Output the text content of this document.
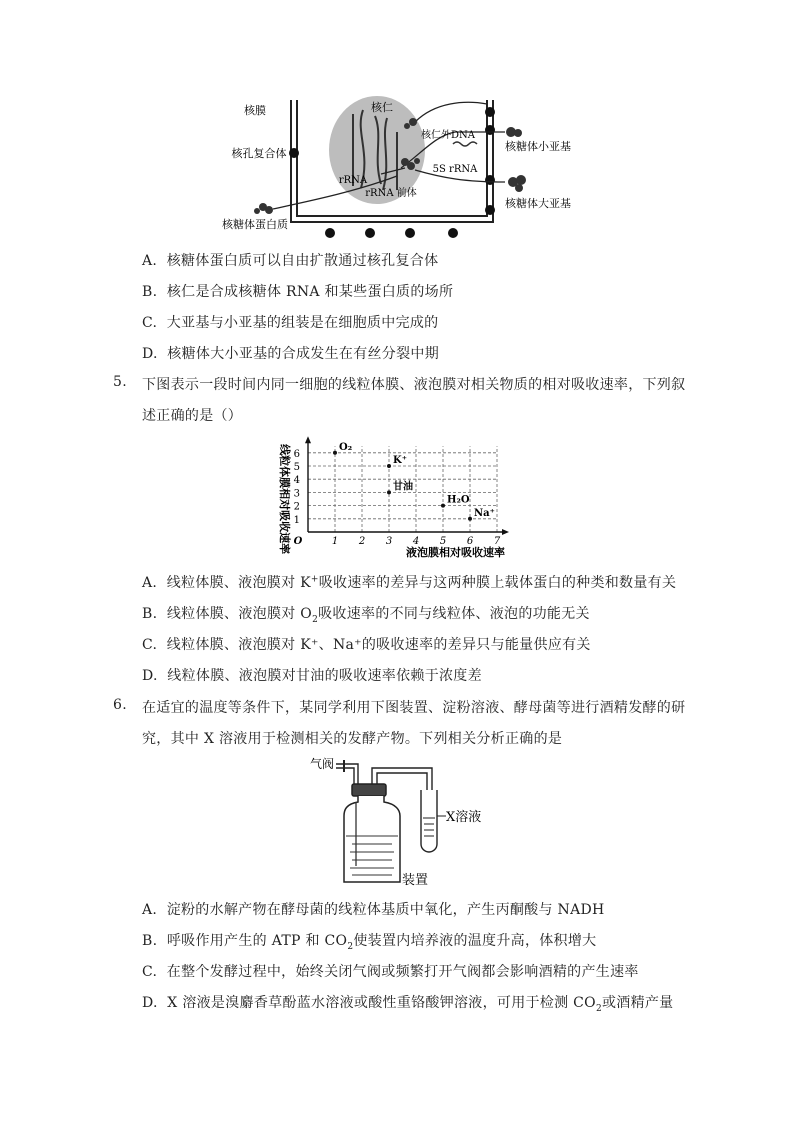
核膜	核仁
核孔复合体
核糖体蛋白质
核仁外DNA
5S rRNA
rRNA
rRNA 前体
核糖体小亚基
核糖体大亚基
A. 核糖体蛋白质可以自由扩散通过核孔复合体
B. 核仁是合成核糖体 RNA 和某些蛋白质的场所
C. 大亚基与小亚基的组装是在细胞质中完成的
D. 核糖体大小亚基的合成发生在有丝分裂中期
5. 下图表示一段时间内同一细胞的线粒体膜、液泡膜对相关物质的相对吸收速率，下列叙
述正确的是（）
1 2 3 4 5 6 7
1
2
3
4
5
6
O
液泡膜相对吸收速率
线粒体膜相对吸收速率	O₂
K⁺
甘油
H₂O
Na⁺
A. 线粒体膜、液泡膜对 K+吸收速率的差异与这两种膜上载体蛋白的种类和数量有关
B. 线粒体膜、液泡膜对 $O_2$吸收速率的不同与线粒体、液泡的功能无关
C. 线粒体膜、液泡膜对 K⁺、Na⁺的吸收速率的差异只与能量供应有关
D. 线粒体膜、液泡膜对甘油的吸收速率依赖于浓度差
6. 在适宜的温度等条件下，某同学利用下图装置、淀粉溶液、酵母菌等进行酒精发酵的研
究，其中 X 溶液用于检测相关的发酵产物。下列相关分析正确的是
气阀
X溶液
装置
A. 淀粉的水解产物在酵母菌的线粒体基质中氧化，产生丙酮酸与 NADH
B. 呼吸作用产生的 ATP 和 $CO_2$使装置内培养液的温度升高，体积增大
C. 在整个发酵过程中，始终关闭气阀或频繁打开气阀都会影响酒精的产生速率
D. X 溶液是溴麝香草酚蓝水溶液或酸性重铬酸钾溶液，可用于检测 $CO_2$或酒精产量
